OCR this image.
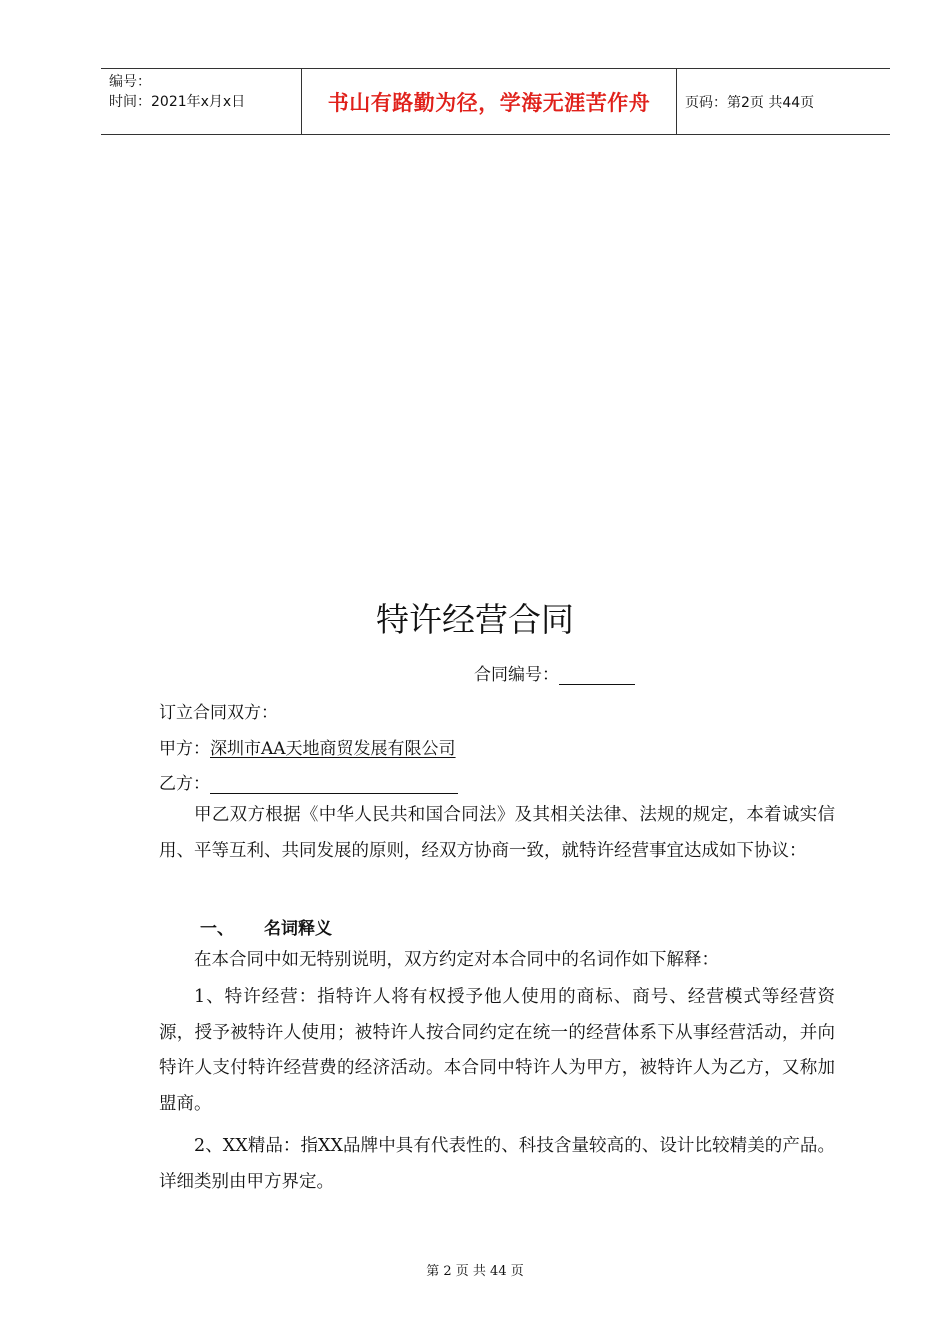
编号：
时间：2021年x月x日	书山有路勤为径，学海无涯苦作舟 页码：第2页 共44页
特许经营合同
合同编号：
订立合同双方：
甲方：深圳市AA天地商贸发展有限公司
乙方：
甲乙双方根据《中华人民共和国合同法》及其相关法律、法规的规定，本着诚实信用、平等互利、共同发展的原则，经双方协商一致，就特许经营事宜达成如下协议：
一、 名词释义
在本合同中如无特别说明，双方约定对本合同中的名词作如下解释：
1、特许经营：指特许人将有权授予他人使用的商标、商号、经营模式等经营资源，授予被特许人使用；被特许人按合同约定在统一的经营体系下从事经营活动，并向特许人支付特许经营费的经济活动。本合同中特许人为甲方，被特许人为乙方，又称加盟商。
2、XX精品：指XX品牌中具有代表性的、科技含量较高的、设计比较精美的产品。详细类别由甲方界定。
第 2 页 共 44 页
